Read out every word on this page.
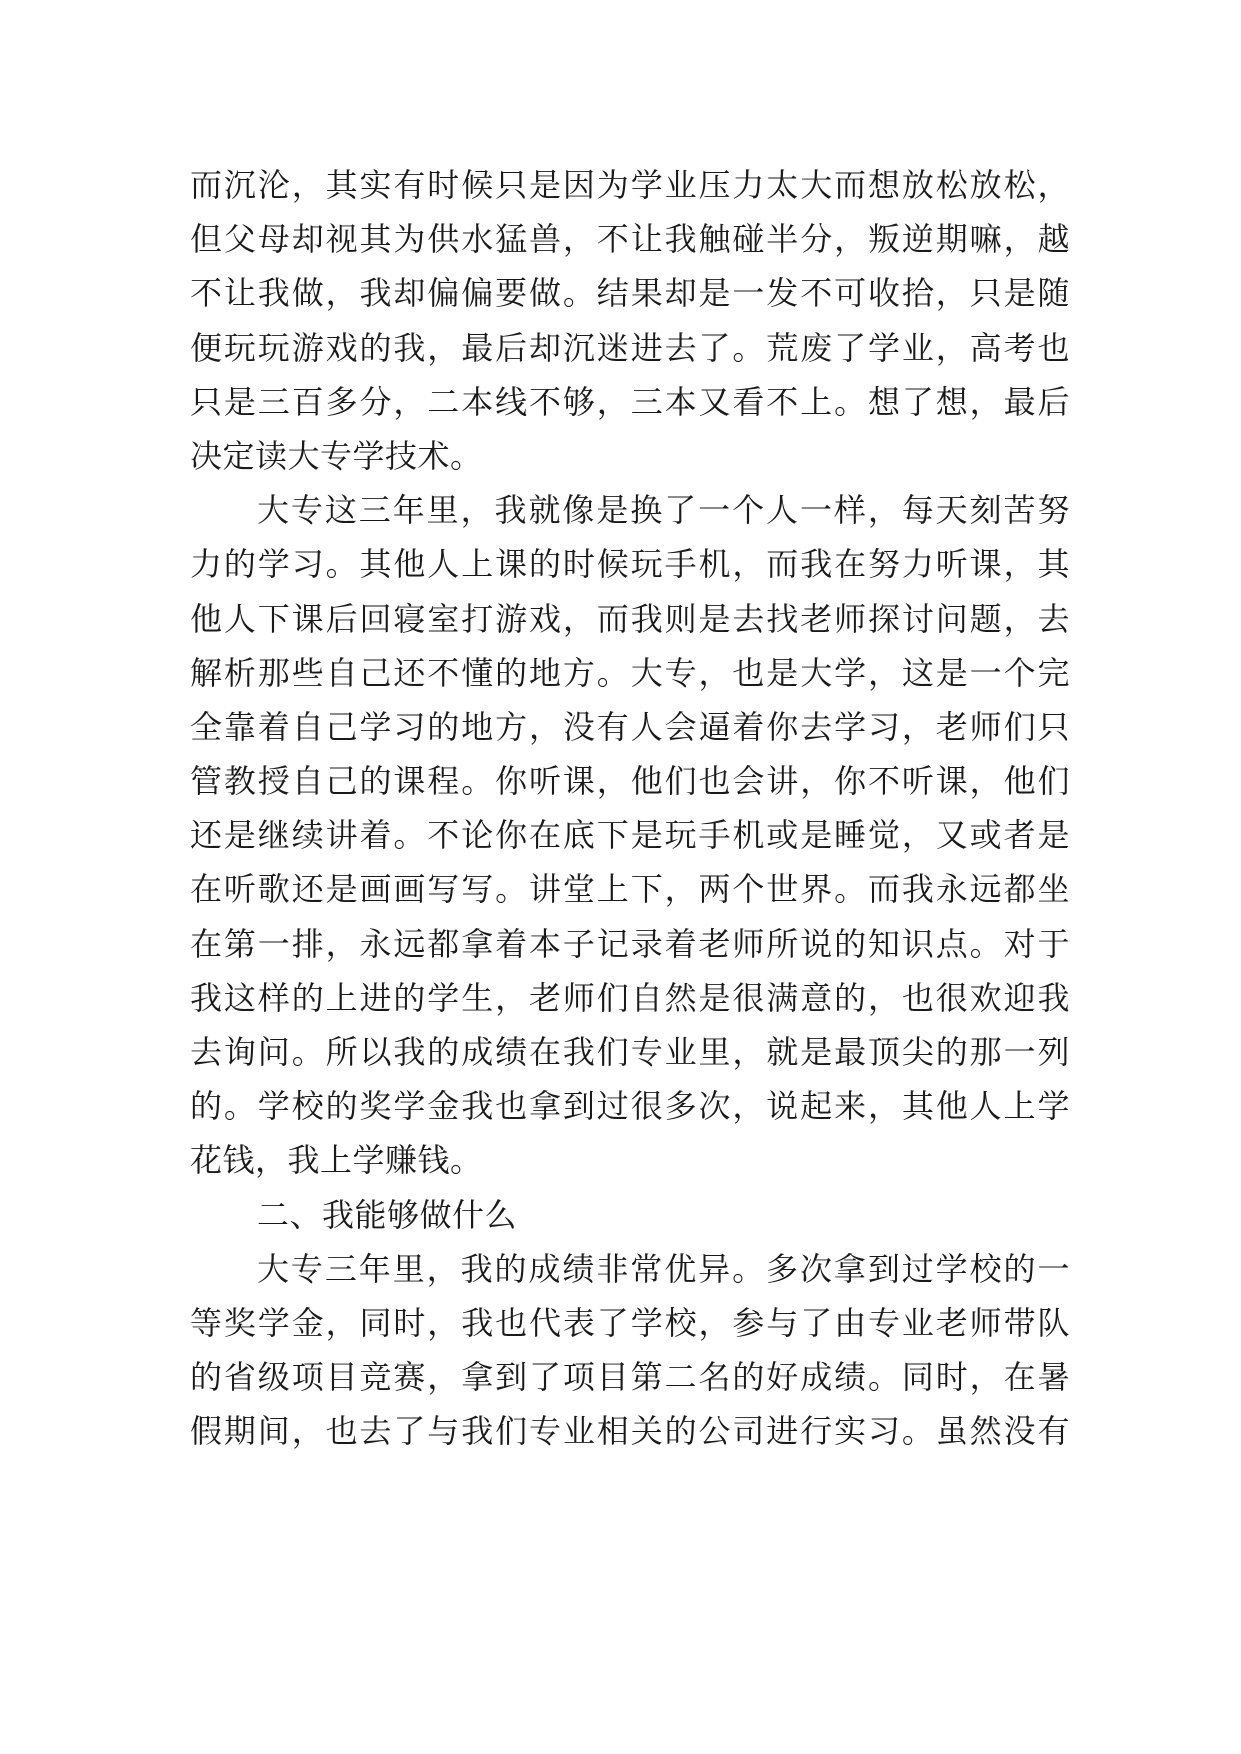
而沉沦，其实有时候只是因为学业压力太大而想放松放松，
但父母却视其为供水猛兽，不让我触碰半分，叛逆期嘛，越
不让我做，我却偏偏要做。结果却是一发不可收拾，只是随
便玩玩游戏的我，最后却沉迷进去了。荒废了学业，高考也
只是三百多分，二本线不够，三本又看不上。想了想，最后
决定读大专学技术。
大专这三年里，我就像是换了一个人一样，每天刻苦努
力的学习。其他人上课的时候玩手机，而我在努力听课，其
他人下课后回寝室打游戏，而我则是去找老师探讨问题，去
解析那些自己还不懂的地方。大专，也是大学，这是一个完
全靠着自己学习的地方，没有人会逼着你去学习，老师们只
管教授自己的课程。你听课，他们也会讲，你不听课，他们
还是继续讲着。不论你在底下是玩手机或是睡觉，又或者是
在听歌还是画画写写。讲堂上下，两个世界。而我永远都坐
在第一排，永远都拿着本子记录着老师所说的知识点。对于
我这样的上进的学生，老师们自然是很满意的，也很欢迎我
去询问。所以我的成绩在我们专业里，就是最顶尖的那一列
的。学校的奖学金我也拿到过很多次，说起来，其他人上学
花钱，我上学赚钱。
二、我能够做什么
大专三年里，我的成绩非常优异。多次拿到过学校的一
等奖学金，同时，我也代表了学校，参与了由专业老师带队
的省级项目竞赛，拿到了项目第二名的好成绩。同时，在暑
假期间，也去了与我们专业相关的公司进行实习。虽然没有
